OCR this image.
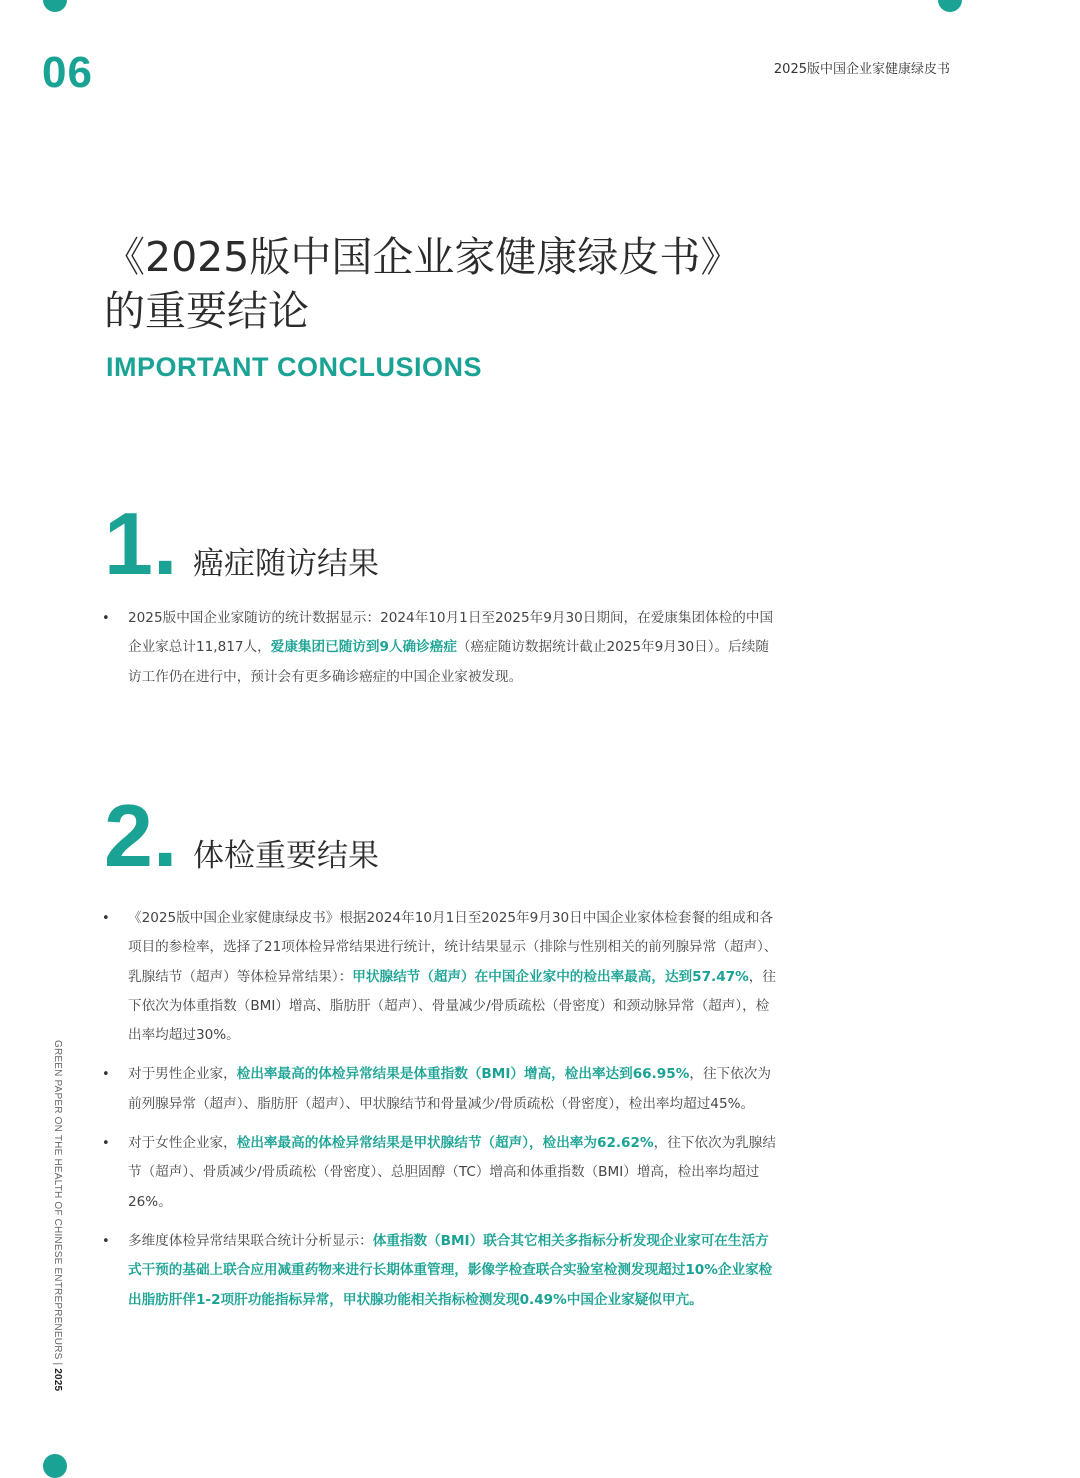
06	2025版中国企业家健康绿皮书
《2025版中国企业家健康绿皮书》
的重要结论
IMPORTANT CONCLUSIONS
1. 癌症随访结果
• 2025版中国企业家随访的统计数据显示：2024年10月1日至2025年9月30日期间，在爱康集团体检的中国企业家总计11,817人，爱康集团已随访到9人确诊癌症（癌症随访数据统计截止2025年9月30日）。后续随访工作仍在进行中，预计会有更多确诊癌症的中国企业家被发现。
2. 体检重要结果
• 《2025版中国企业家健康绿皮书》根据2024年10月1日至2025年9月30日中国企业家体检套餐的组成和各项目的参检率，选择了21项体检异常结果进行统计，统计结果显示（排除与性别相关的前列腺异常（超声）、乳腺结节（超声）等体检异常结果）：甲状腺结节（超声）在中国企业家中的检出率最高，达到57.47%，往下依次为体重指数（BMI）增高、脂肪肝（超声）、骨量减少/骨质疏松（骨密度）和颈动脉异常（超声），检出率均超过30%。
• 对于男性企业家，检出率最高的体检异常结果是体重指数（BMI）增高，检出率达到66.95%，往下依次为前列腺异常（超声）、脂肪肝（超声）、甲状腺结节和骨量减少/骨质疏松（骨密度），检出率均超过45%。
• 对于女性企业家，检出率最高的体检异常结果是甲状腺结节（超声），检出率为62.62%，往下依次为乳腺结节（超声）、骨质减少/骨质疏松（骨密度）、总胆固醇（TC）增高和体重指数（BMI）增高，检出率均超过26%。
• 多维度体检异常结果联合统计分析显示：体重指数（BMI）联合其它相关多指标分析发现企业家可在生活方式干预的基础上联合应用减重药物来进行长期体重管理，影像学检查联合实验室检测发现超过10%企业家检出脂肪肝伴1-2项肝功能指标异常，甲状腺功能相关指标检测发现0.49%中国企业家疑似甲亢。
GREEN PAPER ON THE HEALTH OF CHINESE ENTREPRENEURS | 2025
